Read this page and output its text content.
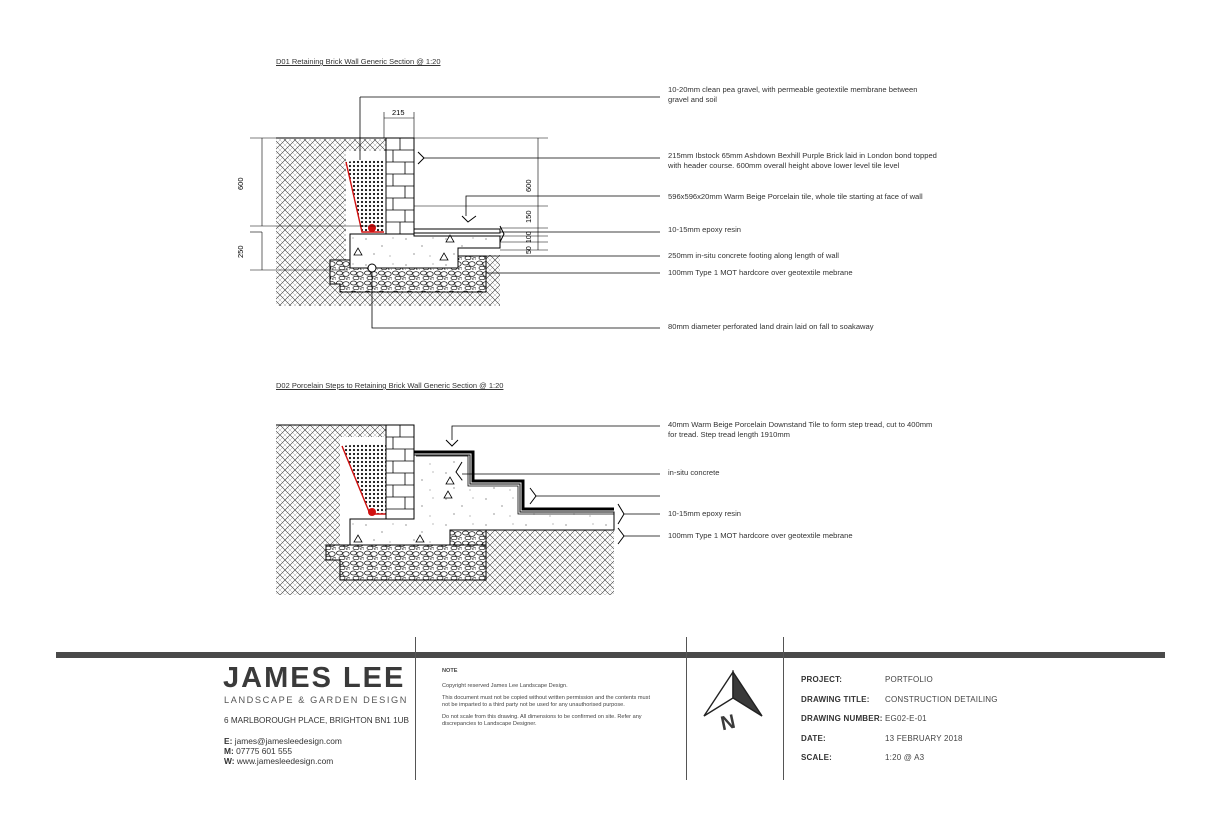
215
600
250
600
150
100
50
D01 Retaining Brick Wall Generic Section @ 1:20
D02 Porcelain Steps to Retaining Brick Wall Generic Section @ 1:20
10-20mm clean pea gravel, with permeable geotextile membrane between gravel and soil
215mm Ibstock 65mm Ashdown Bexhill Purple Brick laid in London bond topped with header course. 600mm overall height above lower level tile level
596x596x20mm Warm Beige Porcelain tile, whole tile starting at face of wall
10-15mm epoxy resin
250mm in-situ concrete footing along length of wall
100mm Type 1 MOT hardcore over geotextile mebrane
80mm diameter perforated land drain laid on fall to soakaway
40mm Warm Beige Porcelain Downstand Tile to form step tread, cut to 400mm for tread. Step tread length 1910mm
in-situ concrete
10-15mm epoxy resin
100mm Type 1 MOT hardcore over geotextile mebrane
JAMES LEE
LANDSCAPE & GARDEN DESIGN
6 MARLBOROUGH PLACE, BRIGHTON BN1 1UB
E: james@jamesleedesign.com
M: 07775 601 555
W: www.jamesleedesign.com
NOTE
Copyright reserved James Lee Landscape Design.
This document must not be copied without written permission and the contents must not be imparted to a third party not be used for any unauthorised purpose.
Do not scale from this drawing. All dimensions to be confirmed on site. Refer any discrepancies to Landscape Designer.	N
PROJECT:	PORTFOLIO
DRAWING TITLE: CONSTRUCTION DETAILING
DRAWING NUMBER: EG02-E-01
DATE:	13 FEBRUARY 2018
SCALE:	1:20 @ A3
